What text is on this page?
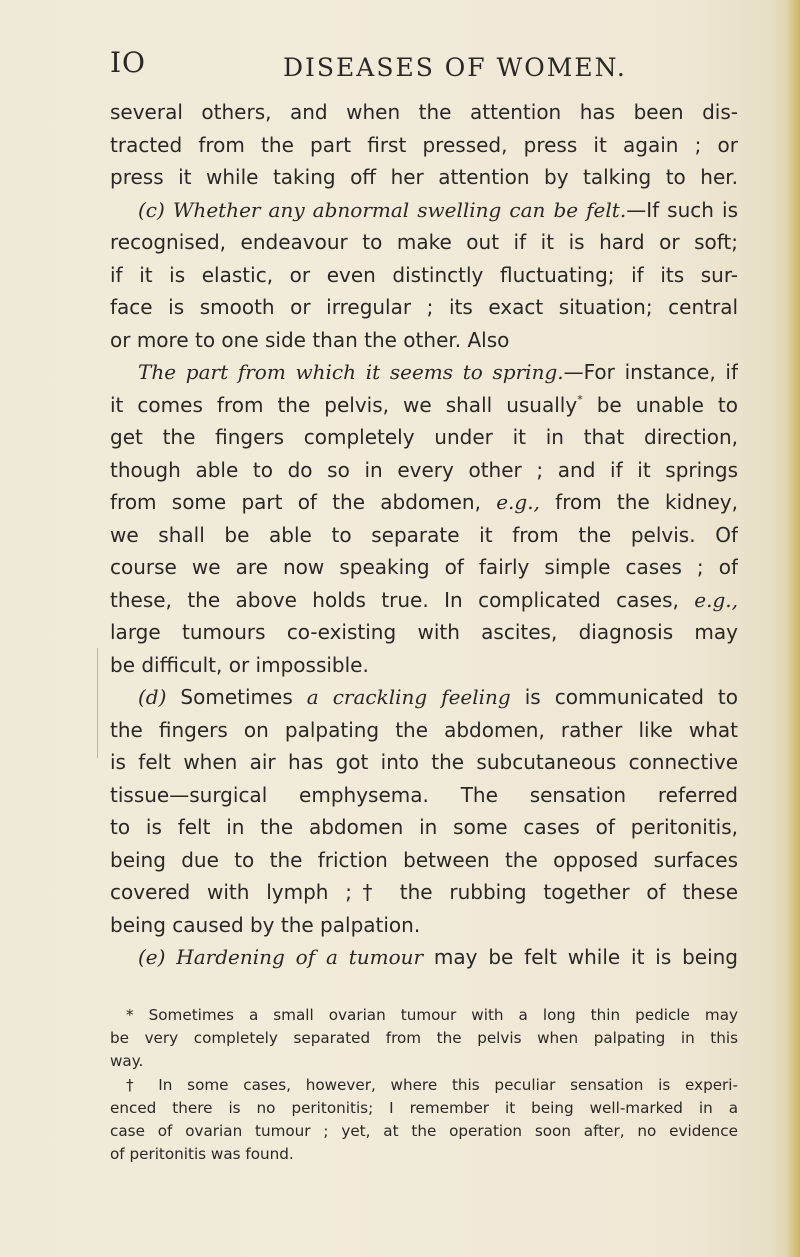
IO	DISEASES OF WOMEN.
several others, and when the attention has been dis-
tracted from the part first pressed, press it again ; or
press it while taking off her attention by talking to her.
(c) Whether any abnormal swelling can be felt.—If such is
recognised, endeavour to make out if it is hard or soft;
if it is elastic, or even distinctly fluctuating; if its sur-
face is smooth or irregular ; its exact situation; central
or more to one side than the other. Also
The part from which it seems to spring.—For instance, if
it comes from the pelvis, we shall usually* be unable to
get the fingers completely under it in that direction,
though able to do so in every other ; and if it springs
from some part of the abdomen, e.g., from the kidney,
we shall be able to separate it from the pelvis. Of
course we are now speaking of fairly simple cases ; of
these, the above holds true. In complicated cases, e.g.,
large tumours co-existing with ascites, diagnosis may
be difficult, or impossible.
(d) Sometimes a crackling feeling is communicated to
the fingers on palpating the abdomen, rather like what
is felt when air has got into the subcutaneous connective
tissue—surgical emphysema. The sensation referred
to is felt in the abdomen in some cases of peritonitis,
being due to the friction between the opposed surfaces
covered with lymph ;† the rubbing together of these
being caused by the palpation.
(e) Hardening of a tumour may be felt while it is being
* Sometimes a small ovarian tumour with a long thin pedicle may
be very completely separated from the pelvis when palpating in this
way.
† In some cases, however, where this peculiar sensation is experi-
enced there is no peritonitis; I remember it being well-marked in a
case of ovarian tumour ; yet, at the operation soon after, no evidence
of peritonitis was found.
